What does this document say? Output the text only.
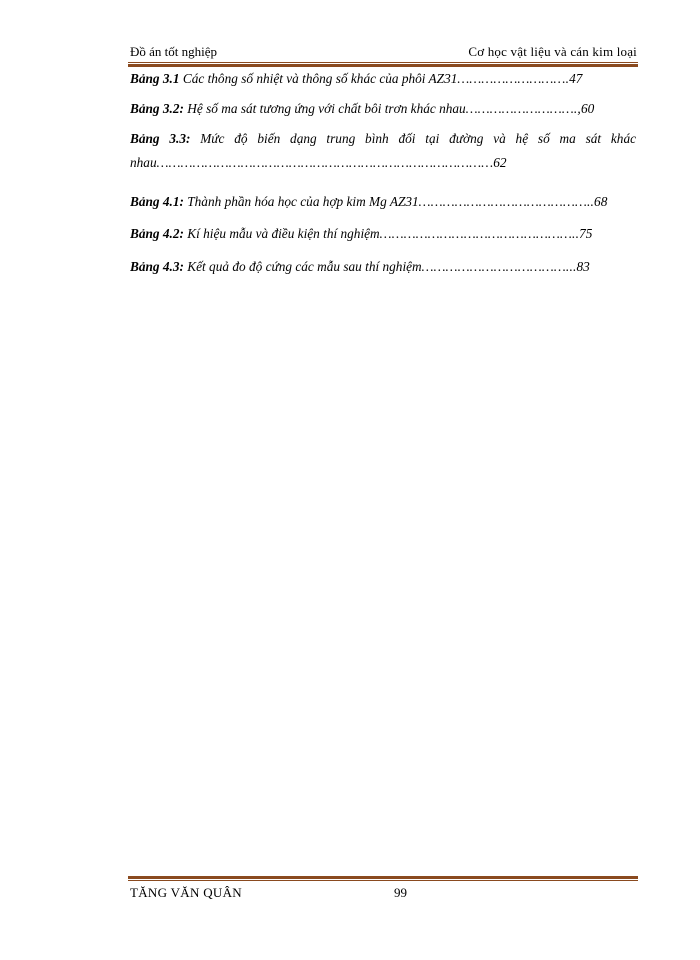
Đồ án tốt nghiệp	Cơ học vật liệu và cán kim loại
Bảng 3.1 Các thông số nhiệt và thông số khác của phôi AZ31……………………….47
Bảng 3.2: Hệ số ma sát tương ứng với chất bôi trơn khác nhau……………………….,60
Bảng 3.3: Mức độ biến dạng trung bình đối tại đường và hệ số ma sát khác
nhau…………………………………………………………………………62
Bảng 4.1: Thành phần hóa học của hợp kim Mg AZ31……………………………………..68
Bảng 4.2: Kí hiệu mẫu và điều kiện thí nghiệm…………………………………………..75
Bảng 4.3: Kết quả đo độ cứng các mẫu sau thí nghiệm………………………………...83
TĂNG VĂN QUÂN	99
